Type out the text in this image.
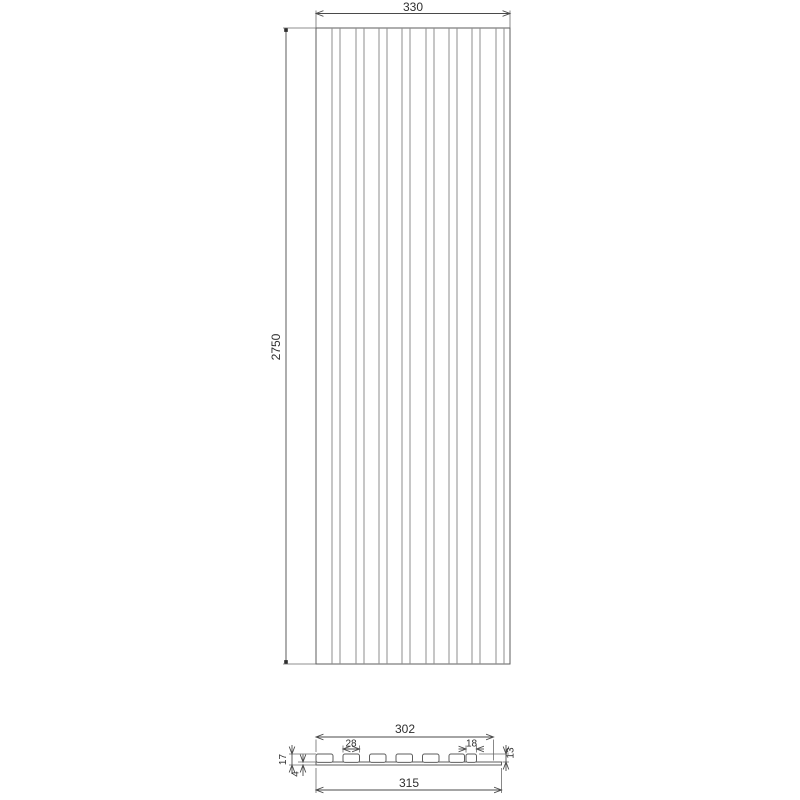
330
2750
302
28	18
13
17
4
315
